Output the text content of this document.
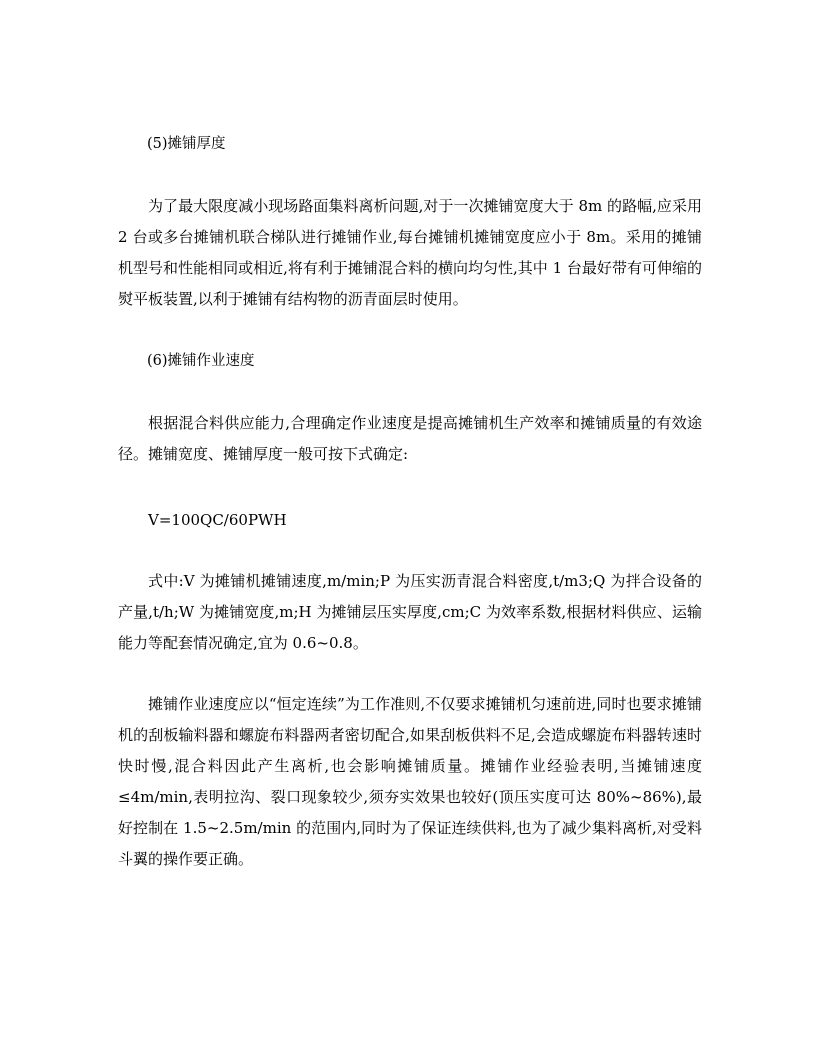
(5)摊铺厚度
为了最大限度减小现场路面集料离析问题,对于一次摊铺宽度大于 8m 的路幅,应采用 2 台或多台摊铺机联合梯队进行摊铺作业,每台摊铺机摊铺宽度应小于 8m。采用的摊铺机型号和性能相同或相近,将有利于摊铺混合料的横向均匀性,其中 1 台最好带有可伸缩的熨平板装置,以利于摊铺有结构物的沥青面层时使用。
(6)摊铺作业速度
根据混合料供应能力,合理确定作业速度是提高摊铺机生产效率和摊铺质量的有效途径。摊铺宽度、摊铺厚度一般可按下式确定:
V=100QC/60PWH
式中:V 为摊铺机摊铺速度,m/min;P 为压实沥青混合料密度,t/m3;Q 为拌合设备的产量,t/h;W 为摊铺宽度,m;H 为摊铺层压实厚度,cm;C 为效率系数,根据材料供应、运输能力等配套情况确定,宜为 0.6~0.8。
摊铺作业速度应以“恒定连续”为工作准则,不仅要求摊铺机匀速前进,同时也要求摊铺机的刮板输料器和螺旋布料器两者密切配合,如果刮板供料不足,会造成螺旋布料器转速时快时慢,混合料因此产生离析,也会影响摊铺质量。摊铺作业经验表明,当摊铺速度≤4m/min,表明拉沟、裂口现象较少,须夯实效果也较好(顶压实度可达 80%~86%),最好控制在 1.5~2.5m/min 的范围内,同时为了保证连续供料,也为了减少集料离析,对受料斗翼的操作要正确。
